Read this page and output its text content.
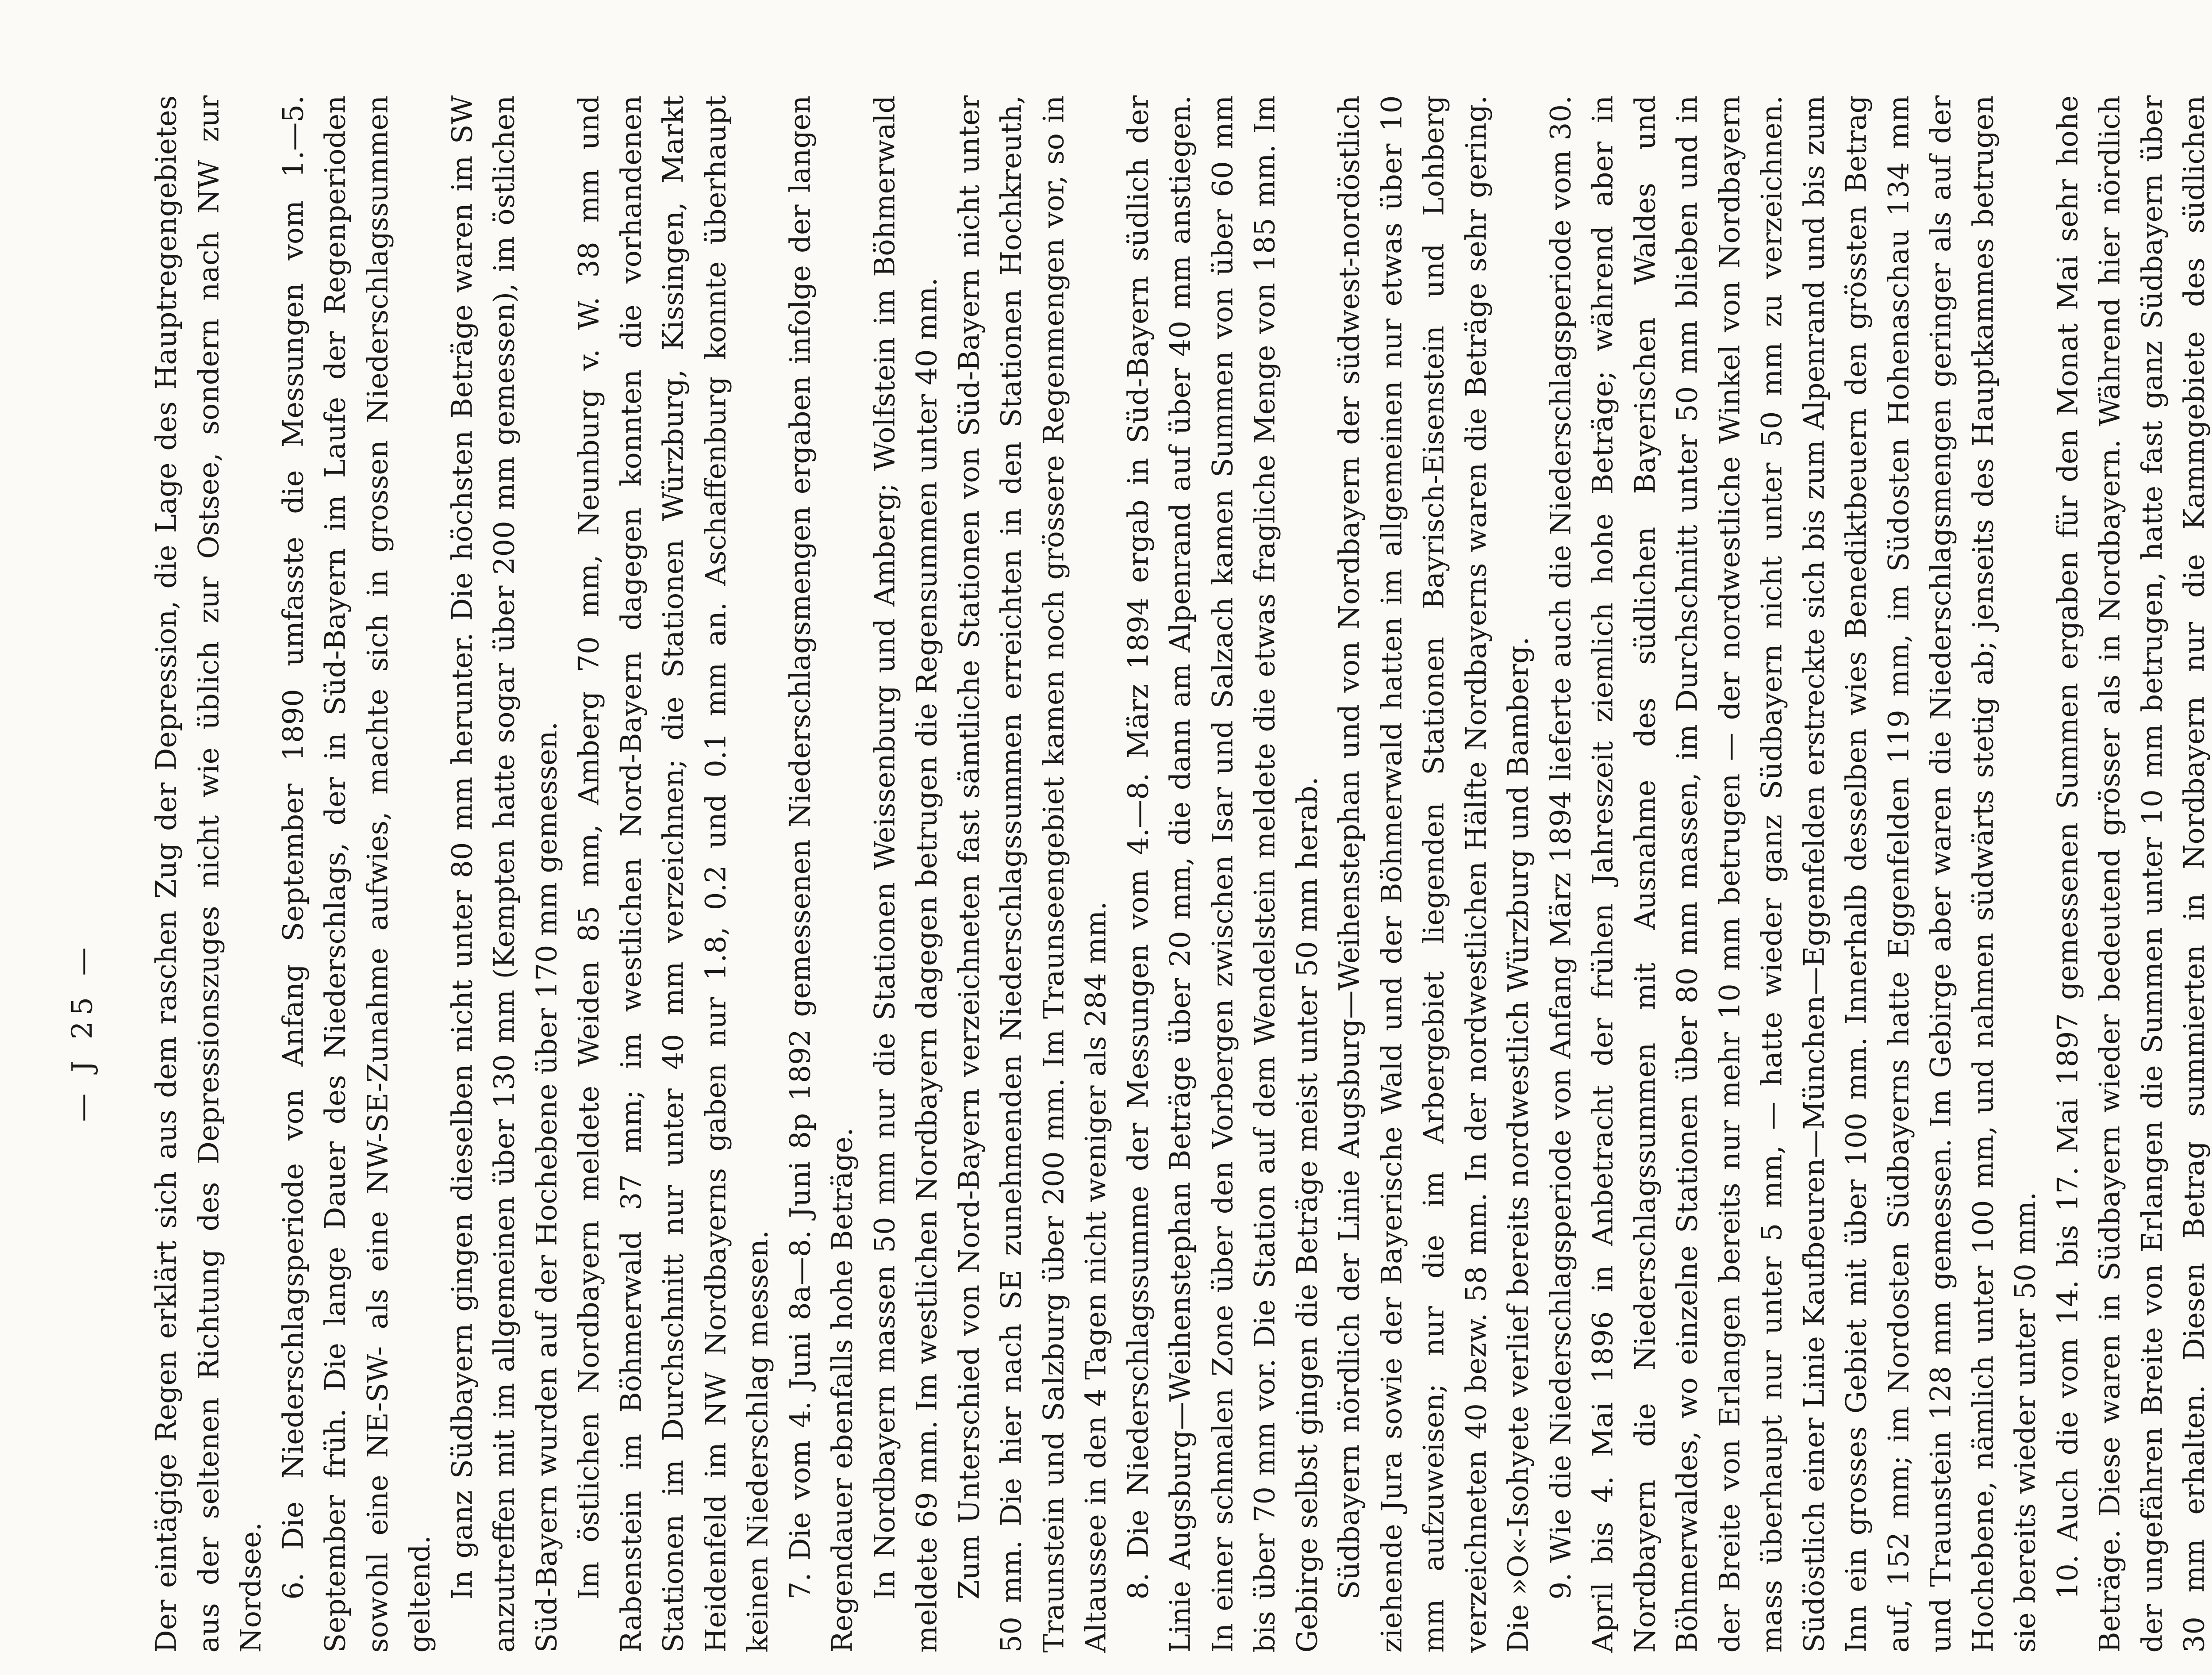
— J 25 — Der eintägige Regen erklärt sich aus dem raschen Zug der Depression, die Lage des Hauptregengebietes aus der seltenen Richtung des Depressionszuges nicht wie üblich zur Ostsee, sondern nach NW zur Nordsee. 6. Die Niederschlagsperiode von Anfang September 1890 umfasste die Messungen vom 1.—5. September früh. Die lange Dauer des Niederschlags, der in Süd-Bayern im Laufe der Regenperioden sowohl eine NE-SW- als eine NW-SE-Zunahme aufwies, machte sich in grossen Niederschlagssummen geltend. In ganz Südbayern gingen dieselben nicht unter 80 mm herunter. Die höchsten Beträge waren im SW anzutreffen mit im allgemeinen über 130 mm (Kempten hatte sogar über 200 mm gemessen), im östlichen Süd-Bayern wurden auf der Hochebene über 170 mm gemessen. Im östlichen Nordbayern meldete Weiden 85 mm, Amberg 70 mm, Neunburg v. W. 38 mm und Rabenstein im Böhmerwald 37 mm; im westlichen Nord-Bayern dagegen konnten die vorhandenen Stationen im Durchschnitt nur unter 40 mm verzeichnen; die Stationen Würzburg, Kissingen, Markt Heidenfeld im NW Nordbayerns gaben nur 1.8, 0.2 und 0.1 mm an. Aschaffenburg konnte überhaupt keinen Niederschlag messen. 7. Die vom 4. Juni 8a—8. Juni 8p 1892 gemessenen Niederschlagsmengen ergaben infolge der langen Regendauer ebenfalls hohe Beträge. In Nordbayern massen 50 mm nur die Stationen Weissenburg und Amberg; Wolfstein im Böhmerwald meldete 69 mm. Im westlichen Nordbayern dagegen betrugen die Regensummen unter 40 mm. Zum Unterschied von Nord-Bayern verzeichneten fast sämtliche Stationen von Süd-Bayern nicht unter 50 mm. Die hier nach SE zunehmenden Niederschlagssummen erreichten in den Stationen Hochkreuth, Traunstein und Salzburg über 200 mm. Im Traunseengebiet kamen noch grössere Regenmengen vor, so in Altaussee in den 4 Tagen nicht weniger als 284 mm. 8. Die Niederschlagssumme der Messungen vom 4.—8. März 1894 ergab in Süd-Bayern südlich der Linie Augsburg—Weihenstephan Beträge über 20 mm, die dann am Alpenrand auf über 40 mm anstiegen. In einer schmalen Zone über den Vorbergen zwischen Isar und Salzach kamen Summen von über 60 mm bis über 70 mm vor. Die Station auf dem Wendelstein meldete die etwas fragliche Menge von 185 mm. Im Gebirge selbst gingen die Beträge meist unter 50 mm herab. Südbayern nördlich der Linie Augsburg—Weihenstephan und von Nordbayern der südwest-nordöstlich ziehende Jura sowie der Bayerische Wald und der Böhmerwald hatten im allgemeinen nur etwas über 10 mm aufzuweisen; nur die im Arbergebiet liegenden Stationen Bayrisch-Eisenstein und Lohberg verzeichneten 40 bezw. 58 mm. In der nordwestlichen Hälfte Nordbayerns waren die Beträge sehr gering. Die »O«-Isohyete verlief bereits nordwestlich Würzburg und Bamberg. 9. Wie die Niederschlagsperiode von Anfang März 1894 lieferte auch die Niederschlagsperiode vom 30. April bis 4. Mai 1896 in Anbetracht der frühen Jahreszeit ziemlich hohe Beträge; während aber in Nordbayern die Niederschlagssummen mit Ausnahme des südlichen Bayerischen Waldes und Böhmerwaldes, wo einzelne Stationen über 80 mm massen, im Durchschnitt unter 50 mm blieben und in der Breite von Erlangen bereits nur mehr 10 mm betrugen — der nordwestliche Winkel von Nordbayern mass überhaupt nur unter 5 mm, — hatte wieder ganz Südbayern nicht unter 50 mm zu verzeichnen. Südöstlich einer Linie Kaufbeuren—München—Eggenfelden erstreckte sich bis zum Alpenrand und bis zum Inn ein grosses Gebiet mit über 100 mm. Innerhalb desselben wies Benediktbeuern den grössten Betrag auf, 152 mm; im Nordosten Südbayerns hatte Eggenfelden 119 mm, im Südosten Hohenaschau 134 mm und Traunstein 128 mm gemessen. Im Gebirge aber waren die Niederschlagsmengen geringer als auf der Hochebene, nämlich unter 100 mm, und nahmen südwärts stetig ab; jenseits des Hauptkammes betrugen sie bereits wieder unter 50 mm. 10. Auch die vom 14. bis 17. Mai 1897 gemessenen Summen ergaben für den Monat Mai sehr hohe Beträge. Diese waren in Südbayern wieder bedeutend grösser als in Nordbayern. Während hier nördlich der ungefähren Breite von Erlangen die Summen unter 10 mm betrugen, hatte fast ganz Südbayern über 30 mm erhalten. Diesen Betrag summierten in Nordbayern nur die Kammgebiete des südlichen
